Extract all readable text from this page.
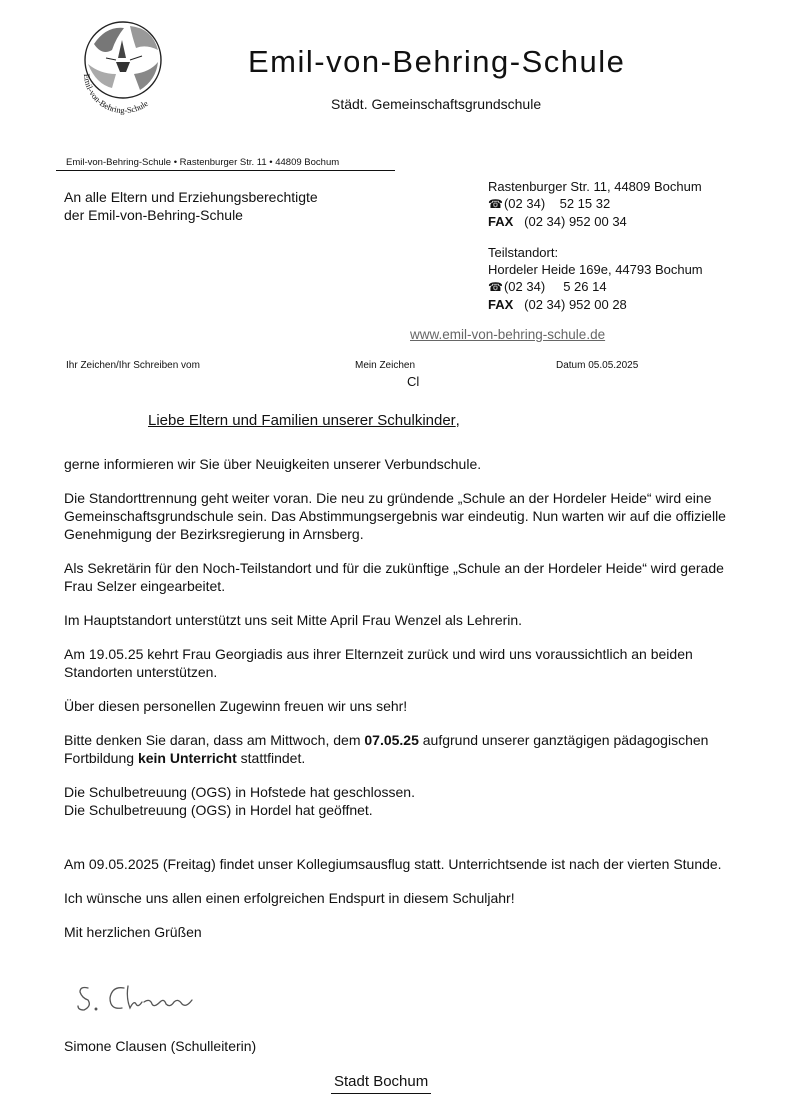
Emil-von-Behring-Schule
Emil-von-Behring-Schule
Städt. Gemeinschaftsgrundschule
Emil-von-Behring-Schule • Rastenburger Str. 11 • 44809 Bochum
An alle Eltern und Erziehungsberechtigte
der Emil-von-Behring-Schule
Rastenburger Str. 11, 44809 Bochum
☎(02 34)    52 15 32
FAX (02 34) 952 00 34
Teilstandort:
Hordeler Heide 169e, 44793 Bochum
☎(02 34)     5 26 14
FAX (02 34) 952 00 28
www.emil-von-behring-schule.de
Ihr Zeichen/Ihr Schreiben vom	Mein Zeichen
Cl
Datum 05.05.2025
Liebe Eltern und Familien unserer Schulkinder,

gerne informieren wir Sie über Neuigkeiten unserer Verbundschule.

Die Standorttrennung geht weiter voran. Die neu zu gründende „Schule an der Hordeler Heide“ wird eine Gemeinschaftsgrundschule sein. Das Abstimmungsergebnis war eindeutig. Nun warten wir auf die offizielle Genehmigung der Bezirksregierung in Arnsberg.

Als Sekretärin für den Noch-Teilstandort und für die zukünftige „Schule an der Hordeler Heide“ wird gerade Frau Selzer eingearbeitet.

Im Hauptstandort unterstützt uns seit Mitte April Frau Wenzel als Lehrerin.

Am 19.05.25 kehrt Frau Georgiadis aus ihrer Elternzeit zurück und wird uns voraussichtlich an beiden Standorten unterstützen.

Über diesen personellen Zugewinn freuen wir uns sehr!

Bitte denken Sie daran, dass am Mittwoch, dem 07.05.25 aufgrund unserer ganztägigen pädagogischen Fortbildung kein Unterricht stattfindet.

Die Schulbetreuung (OGS) in Hofstede hat geschlossen.
Die Schulbetreuung (OGS) in Hordel hat geöffnet.

Am 09.05.2025 (Freitag) findet unser Kollegiumsausflug statt. Unterrichtsende ist nach der vierten Stunde.

Ich wünsche uns allen einen erfolgreichen Endspurt in diesem Schuljahr!

Mit herzlichen Grüßen

Simone Clausen (Schulleiterin)
Stadt Bochum
